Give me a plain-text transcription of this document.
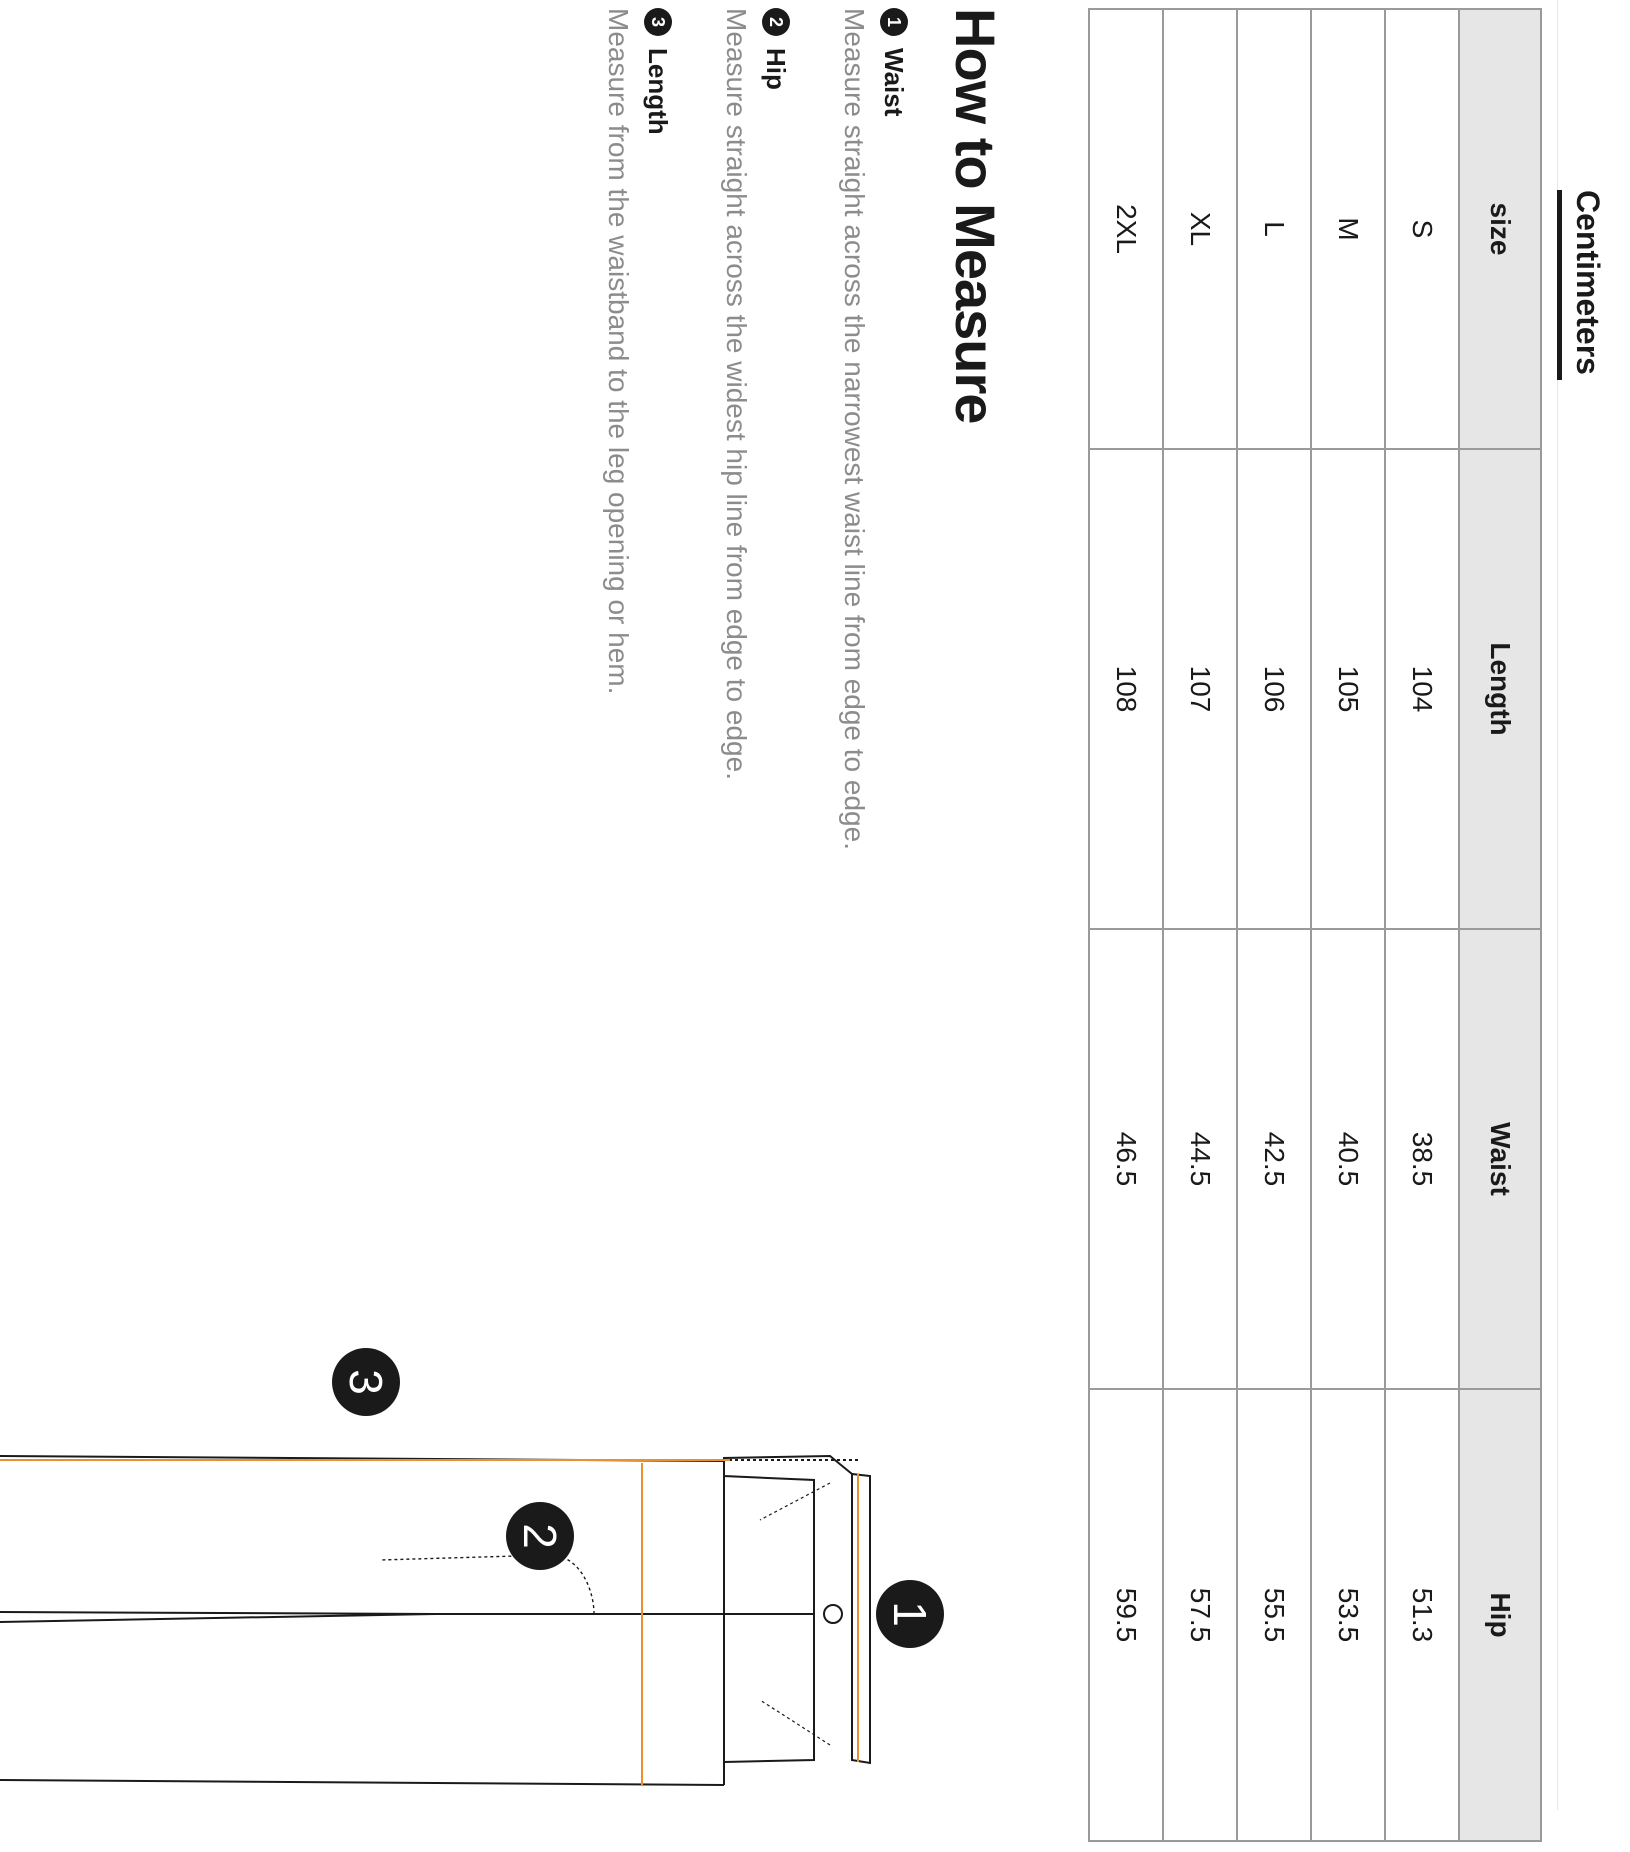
Centimeters
size	Length	Waist	Hip
S	104	38.5	51.3
M	105	40.5	53.5
L	106	42.5	55.5
XL	107	44.5	57.5
2XL	108	46.5	59.5
How to Measure
1
Waist
Measure straight across the narrowest waist line from edge to edge.
2
Hip
Measure straight across the widest hip line from edge to edge.
3
Length
Measure from the waistband to the leg opening or hem.
1
2
3
